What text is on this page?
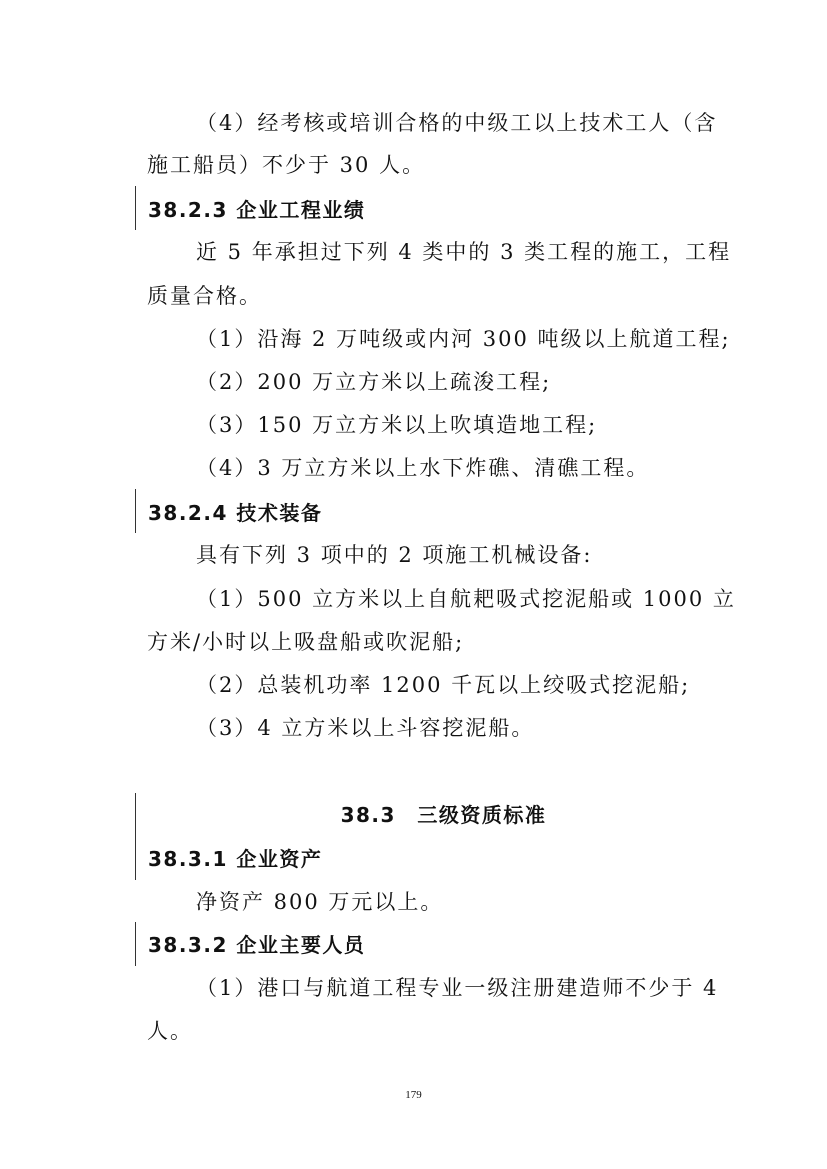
（4）经考核或培训合格的中级工以上技术工人（含
施工船员）不少于 30 人。
38.2.3 企业工程业绩
近 5 年承担过下列 4 类中的 3 类工程的施工，工程
质量合格。
（1）沿海 2 万吨级或内河 300 吨级以上航道工程;
（2）200 万立方米以上疏浚工程;
（3）150 万立方米以上吹填造地工程;
（4）3 万立方米以上水下炸礁、清礁工程。
38.2.4 技术装备
具有下列 3 项中的 2 项施工机械设备:
（1）500 立方米以上自航耙吸式挖泥船或 1000 立
方米/小时以上吸盘船或吹泥船;
（2）总装机功率 1200 千瓦以上绞吸式挖泥船;
（3）4 立方米以上斗容挖泥船。
38.3　三级资质标准
38.3.1 企业资产
净资产 800 万元以上。
38.3.2 企业主要人员
（1）港口与航道工程专业一级注册建造师不少于 4
人。
179
